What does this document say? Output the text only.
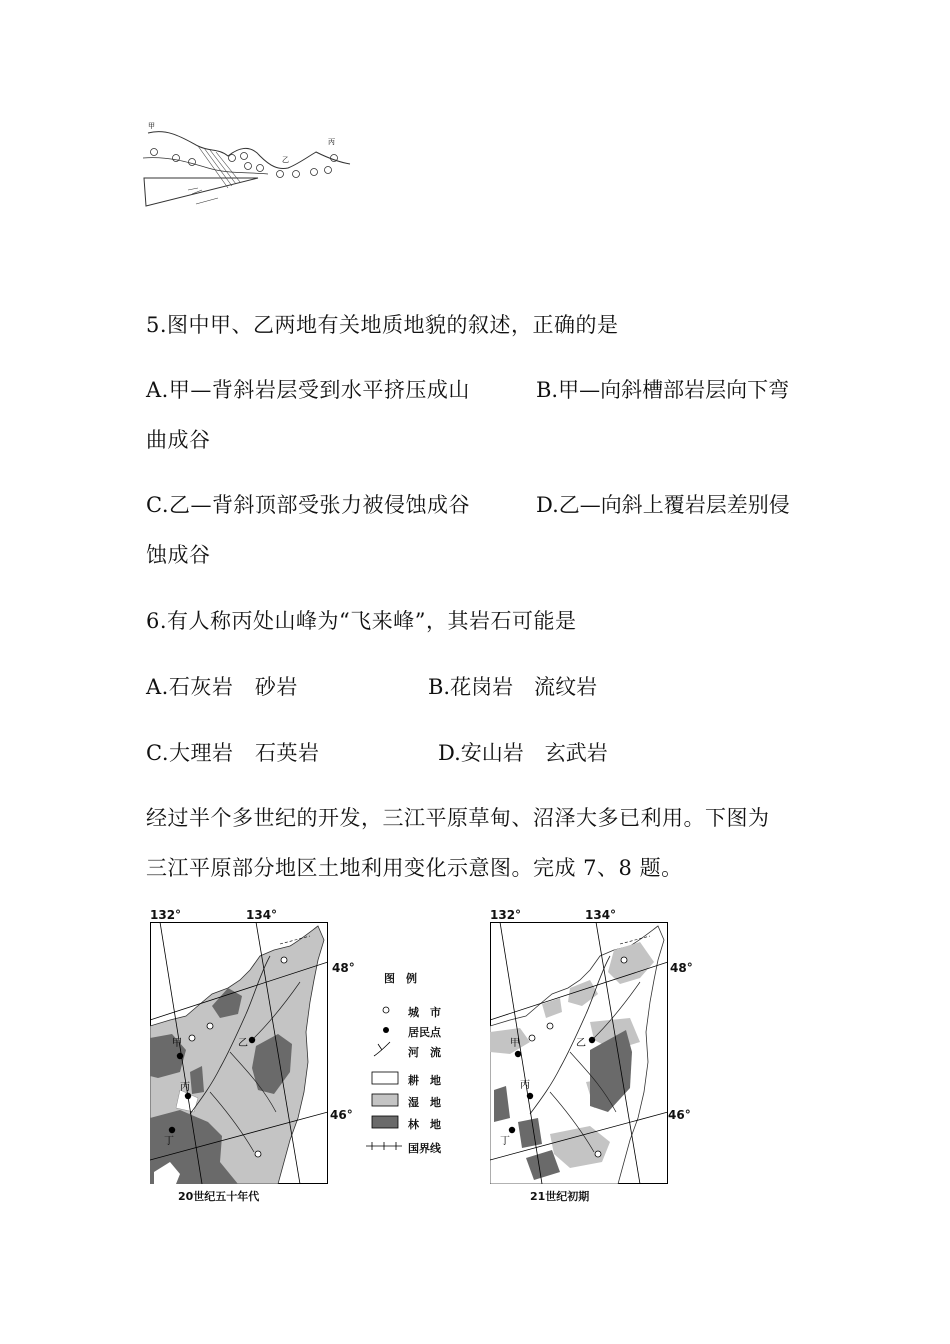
甲
乙
丙
5.图中甲、乙两地有关地质地貌的叙述，正确的是
A.甲—背斜岩层受到水平挤压成山	B.甲—向斜槽部岩层向下弯
曲成谷
C.乙—背斜顶部受张力被侵蚀成谷	D.乙—向斜上覆岩层差别侵
蚀成谷
6.有人称丙处山峰为“飞来峰”，其岩石可能是
A.石灰岩　砂岩	B.花岗岩　流纹岩
C.大理岩　石英岩	D.安山岩　玄武岩
经过半个多世纪的开发，三江平原草甸、沼泽大多已利用。下图为
三江平原部分地区土地利用变化示意图。完成 7、8 题。
132°	134°
48°
46°
132°	134°
48°
46°
甲	乙
丙
丁
20世纪五十年代
图　例
城　市
居民点
河　流
耕　地
湿　地
林　地
国界线
甲	乙
丙
丁
21世纪初期
